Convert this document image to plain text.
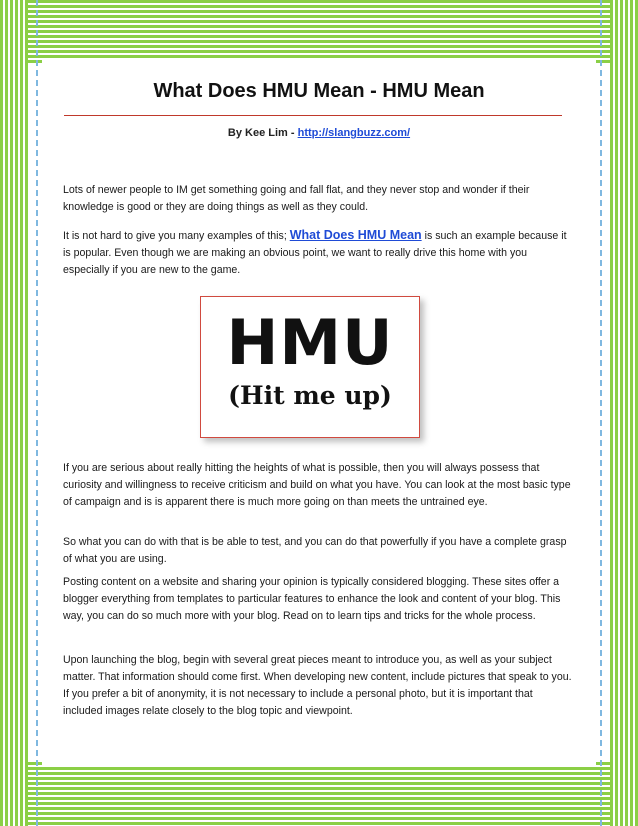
What Does HMU Mean - HMU Mean
By Kee Lim - http://slangbuzz.com/

Lots of newer people to IM get something going and fall flat, and they never stop and wonder if their knowledge is good or they are doing things as well as they could.

It is not hard to give you many examples of this; What Does HMU Mean is such an example because it is popular. Even though we are making an obvious point, we want to really drive this home with you especially if you are new to the game.

HMU
(Hit me up)

If you are serious about really hitting the heights of what is possible, then you will always possess that curiosity and willingness to receive criticism and build on what you have. You can look at the most basic type of campaign and is is apparent there is much more going on than meets the untrained eye.

So what you can do with that is be able to test, and you can do that powerfully if you have a complete grasp of what you are using.

Posting content on a website and sharing your opinion is typically considered blogging. These sites offer a blogger everything from templates to particular features to enhance the look and content of your blog. This way, you can do so much more with your blog. Read on to learn tips and tricks for the whole process.

Upon launching the blog, begin with several great pieces meant to introduce you, as well as your subject matter. That information should come first. When developing new content, include pictures that speak to you. If you prefer a bit of anonymity, it is not necessary to include a personal photo, but it is important that included images relate closely to the blog topic and viewpoint.
